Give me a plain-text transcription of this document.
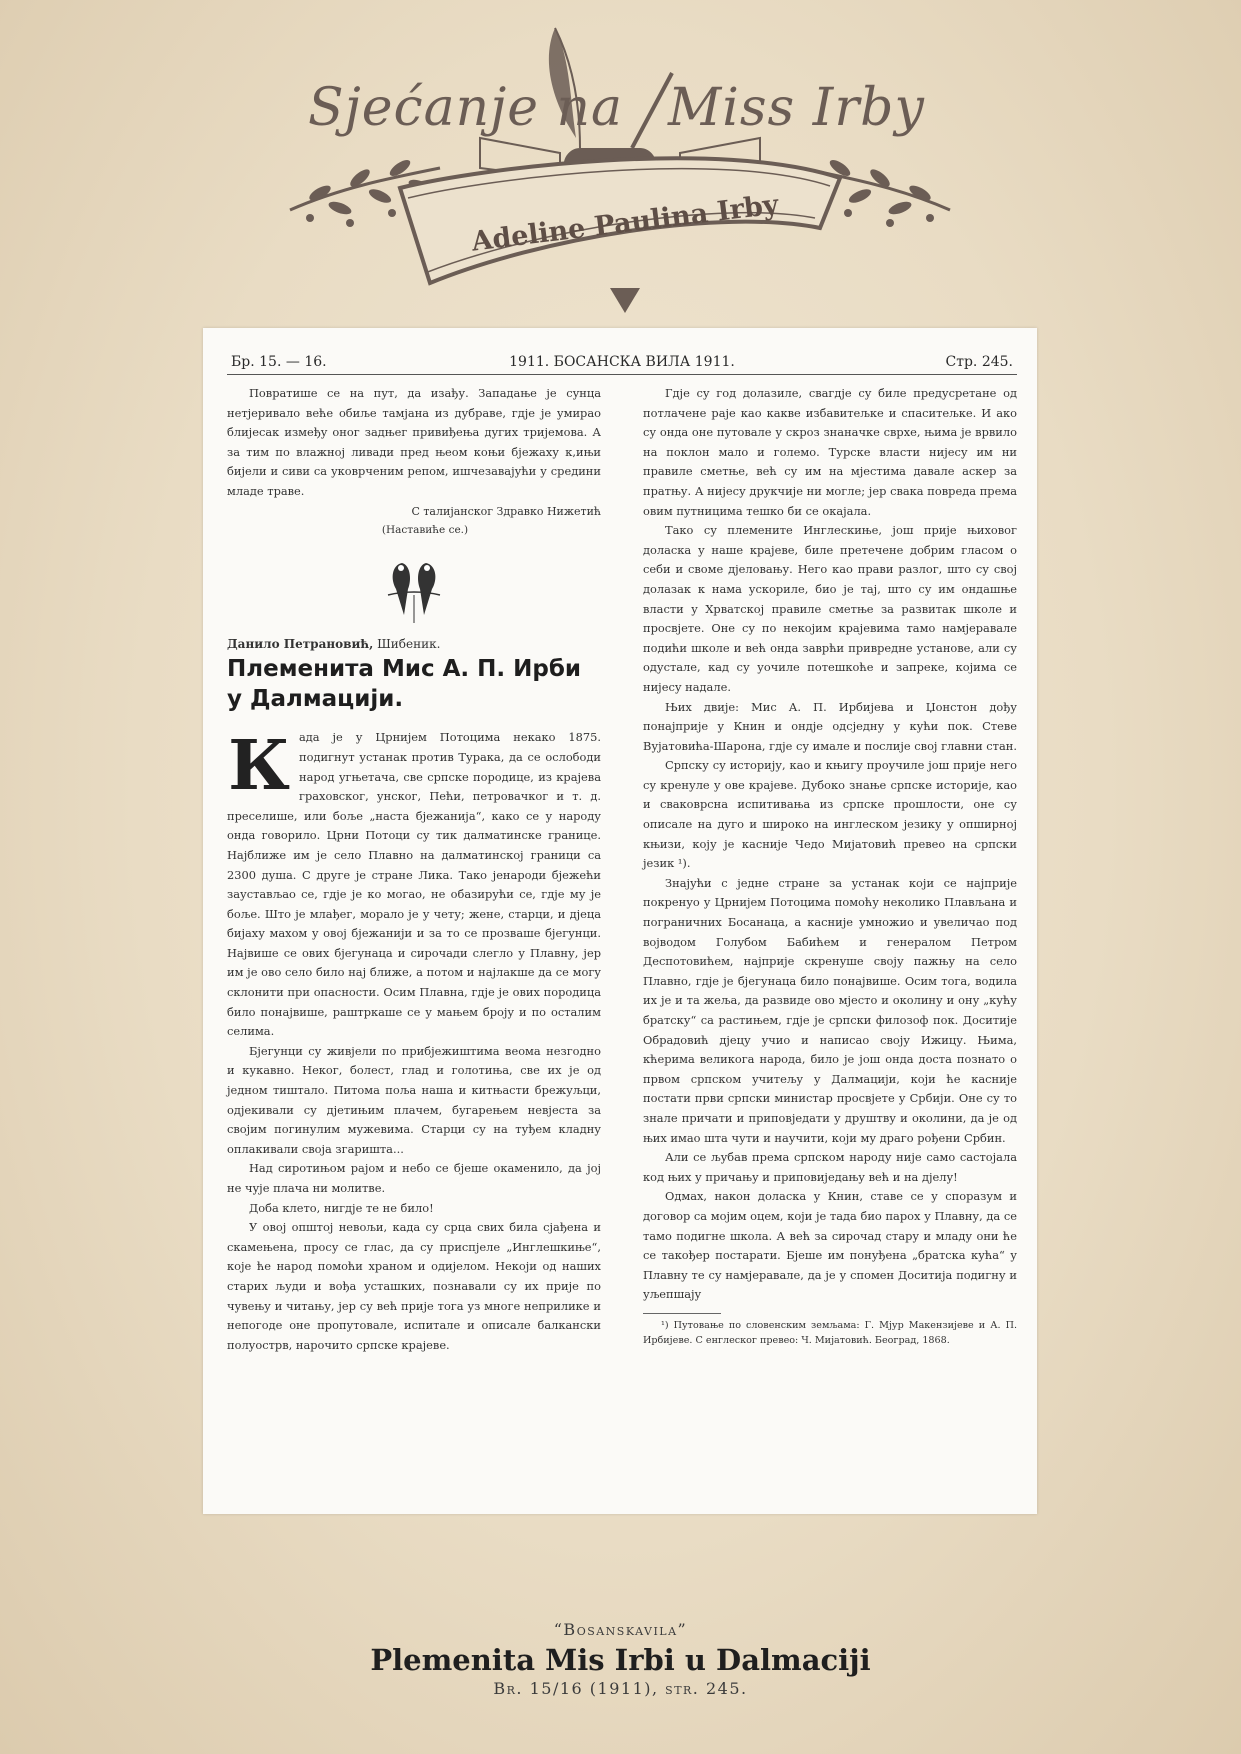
Sjećanje na Miss Irby
Adeline Paulina Irby
Бр. 15. — 16.	1911. БОСАНСКА ВИЛА 1911.	Стр. 245.

Повратише се на пут, да изађу. Западање је сунца нетјеривало веће обиље тамјана из дубраве, гдје је умирао блијесак измеђy оног задњег привиђења дугих тријемова. А за тим по влажној ливади пред њеом коњи бјежаху к,ињи бијели и сиви са уковрченим репом, ишчезавајући у средини младе траве.

С талијанског Здравко Нижетић

(Наставиће се.)

Данило Петрановић, Шибеник.

Племенита Мис А. П. Ирби у Далмацији.
К ада је у Црнијем Потоцима некако 1875. подигнут устанак против Турака, да се ослободи народ угњетачa, све српске породице, из крајева граховског, унског, Пећи, петровачког и т. д. преселише, или боље „наста бјежанија“, како се у народу онда говорило. Црни Потоци су тик далматинске границе. Најближе им је село Плавно на далматинској граници са 2300 душа. С друге је стране Лика. Тако јенароди бјежећи заустављао се, гдје је ко могао, не обазирући се, гдје му је боље. Што је млађег, морало је у чету; жене, старци, и дјеца бијаху махом у овој бјежанији и за то се прозваше бјегунци. Највише се ових бјегунаца и сирочади слегло у Плавну, јер им је ово село било нај ближе, а потом и најлакше да се могу склонити при опасности. Осим Плавна, гдје је ових породица било понајвише, раштркаше се у мањем броју и по осталим селима.

Бјегунци су живјели по прибјежиштима веома незгодно и кукавно. Неког, болест, глад и голотиња, све их је од једном тиштало. Питома поља наша и китњасти брежуљци, одјекивали су дјетињим плачем, бугарењем невјеста за својим погинулим мужевима. Старци су на туђем кладну оплакивали своја згаришта...

Над сиротињом рајом и небо се бјеше окаменило, да јој не чује плача ни молитве.

Доба клето, нигдје те не било!

У овој општој невољи, када су срца свих била сјађена и скамењена, проcу се глас, да су приспјеле „Инглешкиње“, које ће народ помоћи храном и одијелом. Некоји од наших старих људи и вођа усташких, познавали су их прије по чувењу и читању, јер су већ прије тога уз многе неприлике и непогоде оне пропутовале, испитале и описале балкански полуострв, нарочито српске крајеве.

Гдје су год долазиле, свагдје су биле предусретане од потлачене раје као какве избавитељке и спаситељке. И ако су онда оне путовале у скроз знаначке сврхе, њима је врвило на поклон мало и големо. Турске власти нијесу им ни правиле сметње, већ су им на мјестима давале аскер за пратњу. А нијесу друкчије ни могле; јер свака повреда према овим путницима тешко би се окајала.

Тако су племените Инглескиње, још прије њиховог доласка у наше крајеве, биле претечене добрим гласом о себи и своме дјеловању. Него као прави разлог, што су свој долазак к нама ускориле, био је тај, што су им ондашње власти у Хрватској правиле сметње за развитак школе и просвјете. Оне су по некојим крајевима тамо намјеравале подићи школе и већ онда заврћи привредне установе, али су одустале, кад су уочиле потешкоће и запреке, којима се нијесу надале.

Њих двије: Мис А. П. Ирбијева и Џонстон дођу понајприје у Книн и ондје одсједну у кући пок. Стеве Вујатовића-Шарона, гдје су имале и послије свој главни стан.

Српску су историју, као и књигу проучиле још прије него су кренуле у ове крајеве. Дубоко знање српске историје, као и сваковрсна испитивања из српске прошлости, оне су описале на дуго и широко на инглеском језику у опширној књизи, коју је касније Чедо Мијатовић превео на српски језик ¹).

Знајући с једне стране за устанак који се најприје покренуо у Црнијем Потоцима помоћу неколико Плављана и пограничних Босанаца, а касније умножио и увеличао под војводом Голубом Бабићем и генералом Петром Деспотовићем, најприје скренуше своју пажњу на село Плавно, гдје је бјегунаца било понајвише. Осим тога, водила их је и та жеља, да развиде ово мјесто и околину и ону „кућу братску“ са растињем, гдје је српски филозоф пок. Доситије Обрадовић дјецу учио и написао своју Ижицу. Њима, кћерима великога народа, било је још онда доста познато о првом српском учитељу у Далмацији, који ће касније постати први српски министар просвјете у Србији. Оне су то знале причати и приповједати у друштву и околини, да је од њих имао шта чути и научити, који му драго рођени Србин.

Али се љубав према српском народу није само састојала код њих у причању и приповиједању већ и на дјелу!

Одмах, након доласка у Книн, ставе се у споразум и договор са мојим оцем, који је тада био парох у Плавну, да се тамо подигне школа. А већ за сирочад стару и младу они ће се такођер постарати. Бјеше им понуђена „братска кућа“ у Плавну те су намјеравале, да је у спомен Доситија подигну и уљепшају

¹) Путовање по словенским земљама: Г. Мјур Макензијеве и А. П. Ирбијеве. С енглеског превео: Ч. Мијатовић. Београд, 1868.

“Bosanskavila”
Plemenita Mis Irbi u Dalmaciji
Br. 15/16 (1911), str. 245.
